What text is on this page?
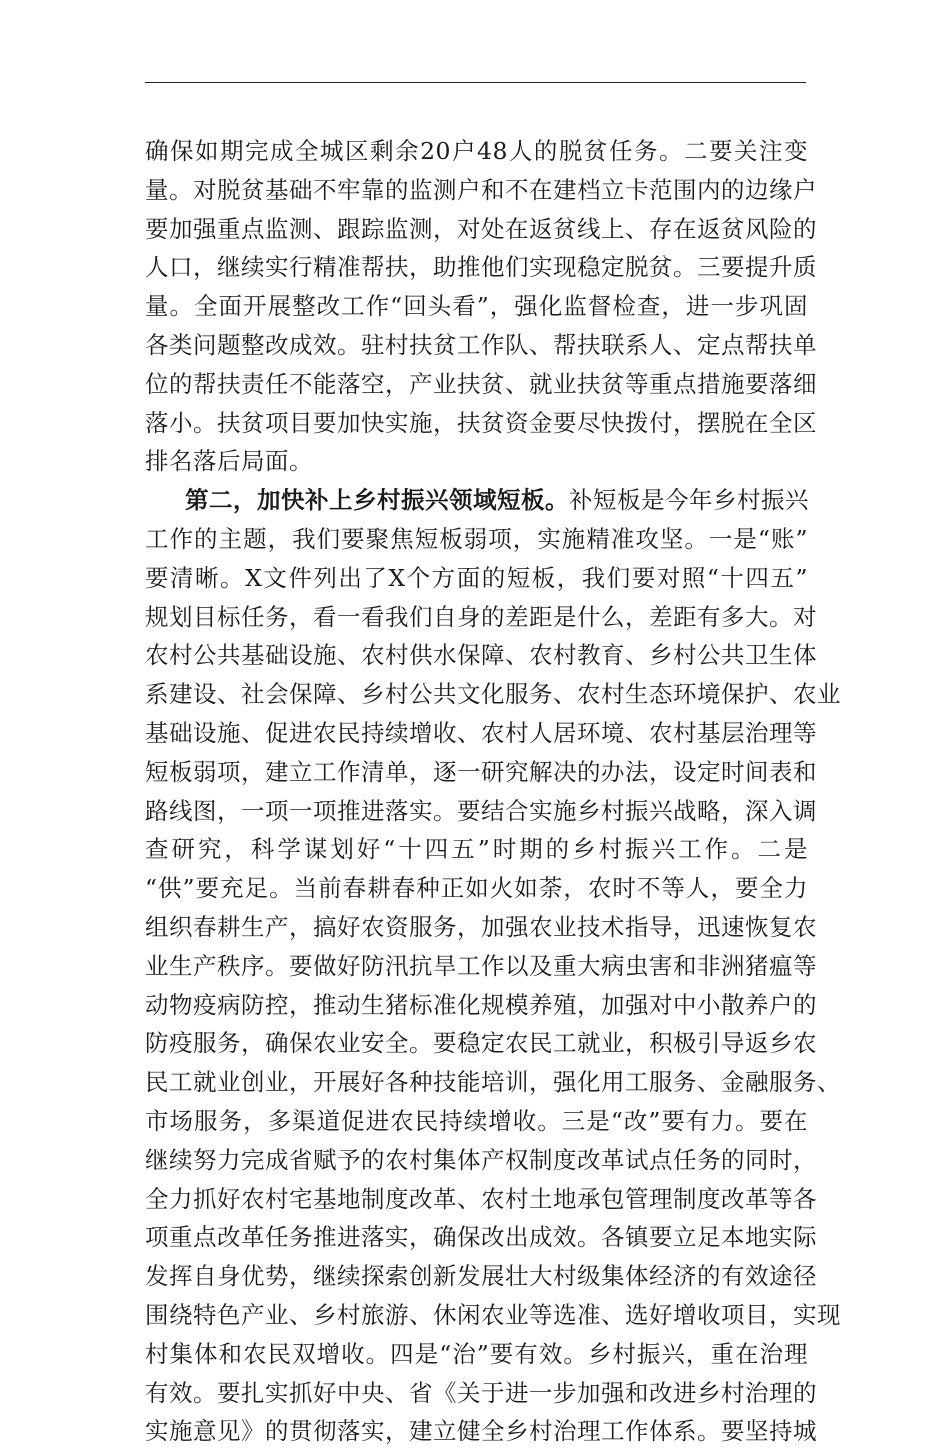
确保如期完成全城区剩余20户48人的脱贫任务。二要关注变
量。对脱贫基础不牢靠的监测户和不在建档立卡范围内的边缘户
要加强重点监测、跟踪监测，对处在返贫线上、存在返贫风险的
人口，继续实行精准帮扶，助推他们实现稳定脱贫。三要提升质
量。全面开展整改工作“回头看”，强化监督检查，进一步巩固
各类问题整改成效。驻村扶贫工作队、帮扶联系人、定点帮扶单
位的帮扶责任不能落空，产业扶贫、就业扶贫等重点措施要落细
落小。扶贫项目要加快实施，扶贫资金要尽快拨付，摆脱在全区
排名落后局面。
第二，加快补上乡村振兴领域短板。补短板是今年乡村振兴
工作的主题，我们要聚焦短板弱项，实施精准攻坚。一是“账”
要清晰。X文件列出了X个方面的短板，我们要对照“十四五”
规划目标任务，看一看我们自身的差距是什么，差距有多大。对
农村公共基础设施、农村供水保障、农村教育、乡村公共卫生体
系建设、社会保障、乡村公共文化服务、农村生态环境保护、农业
基础设施、促进农民持续增收、农村人居环境、农村基层治理等
短板弱项，建立工作清单，逐一研究解决的办法，设定时间表和
路线图，一项一项推进落实。要结合实施乡村振兴战略，深入调
查研究，科学谋划好“十四五”时期的乡村振兴工作。二是
“供”要充足。当前春耕春种正如火如荼，农时不等人，要全力
组织春耕生产，搞好农资服务，加强农业技术指导，迅速恢复农
业生产秩序。要做好防汛抗旱工作以及重大病虫害和非洲猪瘟等
动物疫病防控，推动生猪标准化规模养殖，加强对中小散养户的
防疫服务，确保农业安全。要稳定农民工就业，积极引导返乡农
民工就业创业，开展好各种技能培训，强化用工服务、金融服务、
市场服务，多渠道促进农民持续增收。三是“改”要有力。要在
继续努力完成省赋予的农村集体产权制度改革试点任务的同时，
全力抓好农村宅基地制度改革、农村土地承包管理制度改革等各
项重点改革任务推进落实，确保改出成效。各镇要立足本地实际
发挥自身优势，继续探索创新发展壮大村级集体经济的有效途径
围绕特色产业、乡村旅游、休闲农业等选准、选好增收项目，实现
村集体和农民双增收。四是“治”要有效。乡村振兴，重在治理
有效。要扎实抓好中央、省《关于进一步加强和改进乡村治理的
实施意见》的贯彻落实，建立健全乡村治理工作体系。要坚持城
